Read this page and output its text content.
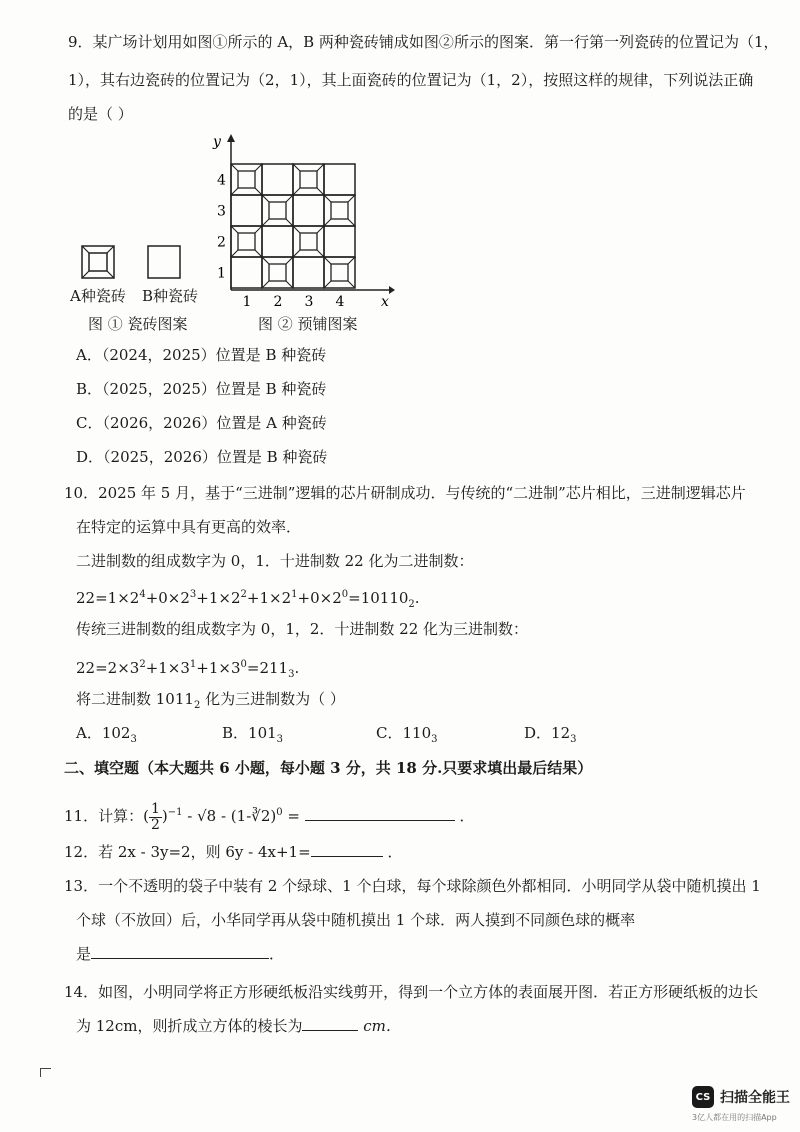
9．某广场计划用如图①所示的 A，B 两种瓷砖铺成如图②所示的图案．第一行第一列瓷砖的位置记为（1，
1），其右边瓷砖的位置记为（2，1），其上面瓷砖的位置记为（1，2），按照这样的规律，下列说法正确
的是（ ）
A种瓷砖 B种瓷砖
图 ① 瓷砖图案
x
y
1 2 3 4
1
2
3
4
图 ② 预铺图案
A．（2024，2025）位置是 B 种瓷砖
B．（2025，2025）位置是 B 种瓷砖
C．（2026，2026）位置是 A 种瓷砖
D．（2025，2026）位置是 B 种瓷砖
10．2025 年 5 月，基于“三进制”逻辑的芯片研制成功．与传统的“二进制”芯片相比，三进制逻辑芯片
在特定的运算中具有更高的效率．
二进制数的组成数字为 0，1．十进制数 22 化为二进制数：
$22=1\times 2^4+0\times 2^3+1\times 2^2+1\times 2^1+0\times 2^0=10110_2$.
传统三进制数的组成数字为 0，1，2．十进制数 22 化为三进制数：
$22=2\times 3^2+1\times 3^1+1\times 3^0=211_3$.
将二进制数 $1011_2$ 化为三进制数为（ ）
A．$102_3$	B．$101_3$	C．$110_3$	D．$12_3$
二、填空题（本大题共 6 小题，每小题 3 分，共 18 分.只要求填出最后结果）
11．计算：( $\frac{1}{2} )^{-1} - √8$ - (1-∛2)$^0$ =	．
12．若 2x - 3y=2，则 6y - 4x+1=	．
13．一个不透明的袋子中装有 2 个绿球、1 个白球，每个球除颜色外都相同．小明同学从袋中随机摸出 1
个球（不放回）后，小华同学再从袋中随机摸出 1 个球．两人摸到不同颜色球的概率
是	．
14．如图，小明同学将正方形硬纸板沿实线剪开，得到一个立方体的表面展开图．若正方形硬纸板的边长
为 12cm，则折成立方体的棱长为	cm．
CS 扫描全能王
3亿人都在用的扫描App
